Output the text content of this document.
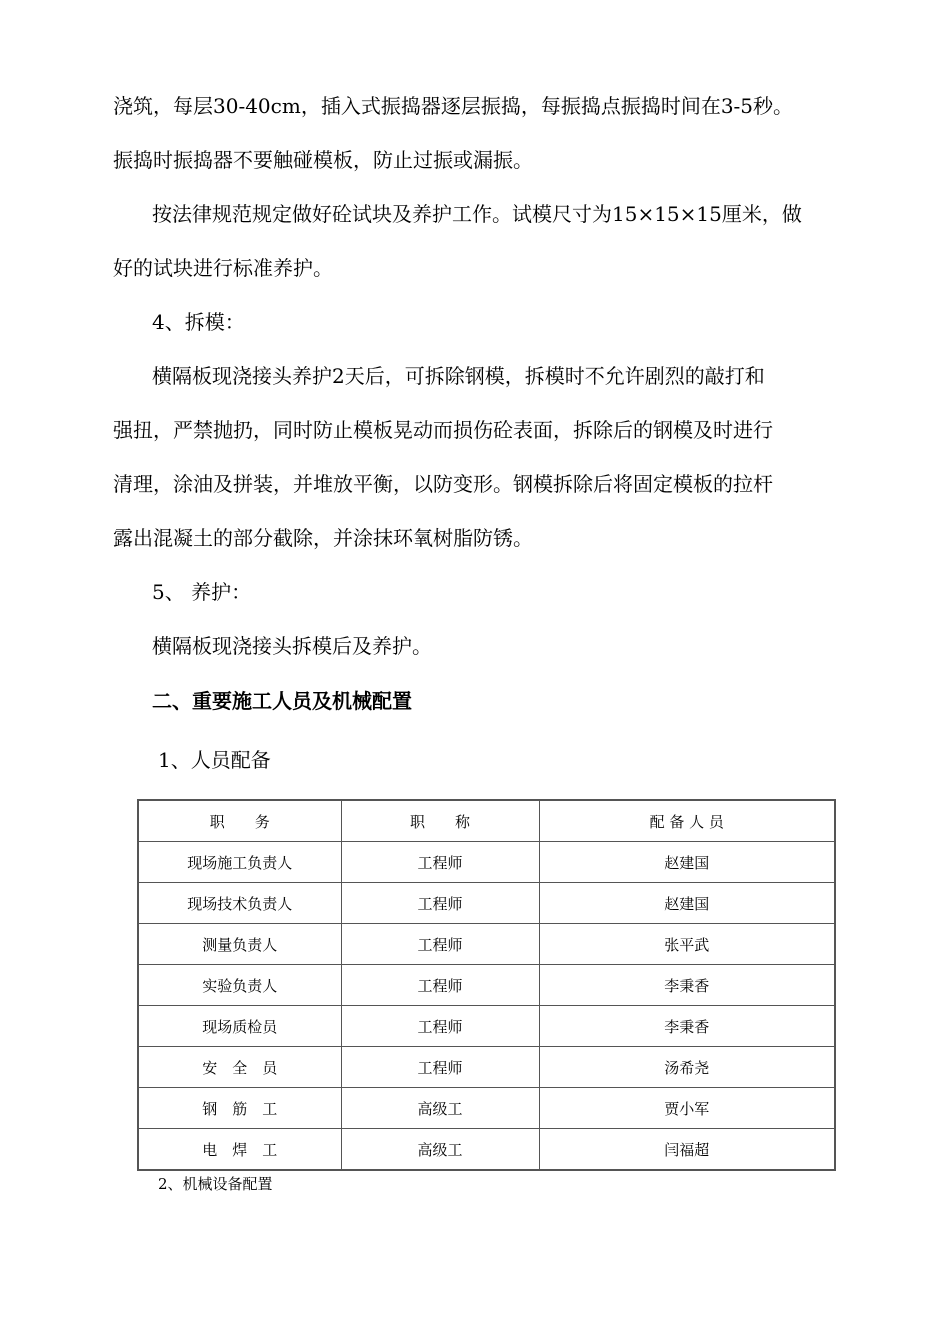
浇筑，每层30-40cm，插入式振捣器逐层振捣，每振捣点振捣时间在3-5秒。
振捣时振捣器不要触碰模板，防止过振或漏振。
按法律规范规定做好砼试块及养护工作。试模尺寸为15×15×15厘米，做
好的试块进行标准养护。
4、拆模：
横隔板现浇接头养护2天后，可拆除钢模，拆模时不允许剧烈的敲打和
强扭，严禁抛扔，同时防止模板晃动而损伤砼表面，拆除后的钢模及时进行
清理，涂油及拼装，并堆放平衡，以防变形。钢模拆除后将固定模板的拉杆
露出混凝土的部分截除，并涂抹环氧树脂防锈。
5、 养护：
横隔板现浇接头拆模后及养护。
二、重要施工人员及机械配置
1、人员配备
职　　务	职　　称	配 备 人 员
现场施工负责人	工程师	赵建国
现场技术负责人	工程师	赵建国
测量负责人	工程师	张平武
实验负责人	工程师	李秉香
现场质检员	工程师	李秉香
安　全　员	工程师	汤希尧
钢　筋　工	高级工	贾小军
电　焊　工	高级工	闫福超
2、机械设备配置
